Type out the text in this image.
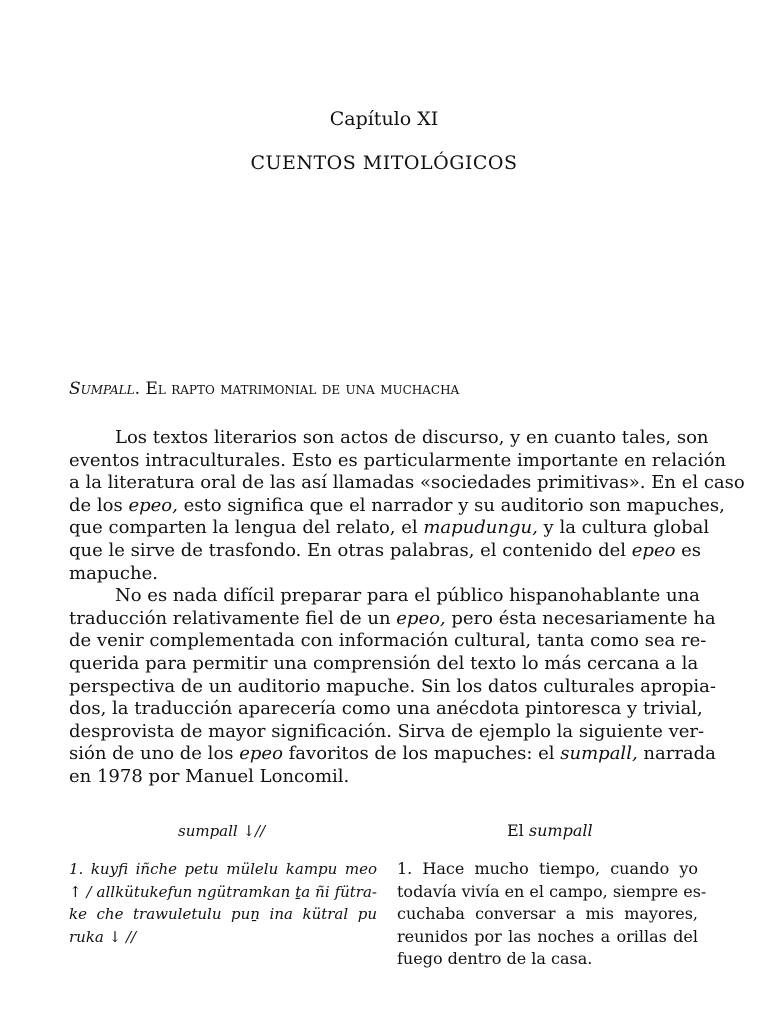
Capítulo XI
CUENTOS MITOLÓGICOS
Sumpall. El rapto matrimonial de una muchacha

Los textos literarios son actos de discurso, y en cuanto tales, son
eventos intraculturales. Esto es particularmente importante en relación
a la literatura oral de las así llamadas «sociedades primitivas». En el caso
de los epeo, esto significa que el narrador y su auditorio son mapuches,
que comparten la lengua del relato, el mapudungu, y la cultura global
que le sirve de trasfondo. En otras palabras, el contenido del epeo es
mapuche.

No es nada difícil preparar para el público hispanohablante una
traducción relativamente fiel de un epeo, pero ésta necesariamente ha
de venir complementada con información cultural, tanta como sea re-
querida para permitir una comprensión del texto lo más cercana a la
perspectiva de un auditorio mapuche. Sin los datos culturales apropia-
dos, la traducción aparecería como una anécdota pintoresca y trivial,
desprovista de mayor significación. Sirva de ejemplo la siguiente ver-
sión de uno de los epeo favoritos de los mapuches: el sumpall, narrada
en 1978 por Manuel Loncomil.

sumpall ↓//	El sumpall
1. kuyfi iñche petu mülelu kampu meo
↑ / allkütukefun ngütramkan ṯa ñi fütra-
ke che trawuletulu puṉ ina kütral pu
ruka ↓ //
1. Hace mucho tiempo, cuando yo
todavía vivía en el campo, siempre es-
cuchaba conversar a mis mayores,
reunidos por las noches a orillas del
fuego dentro de la casa.
